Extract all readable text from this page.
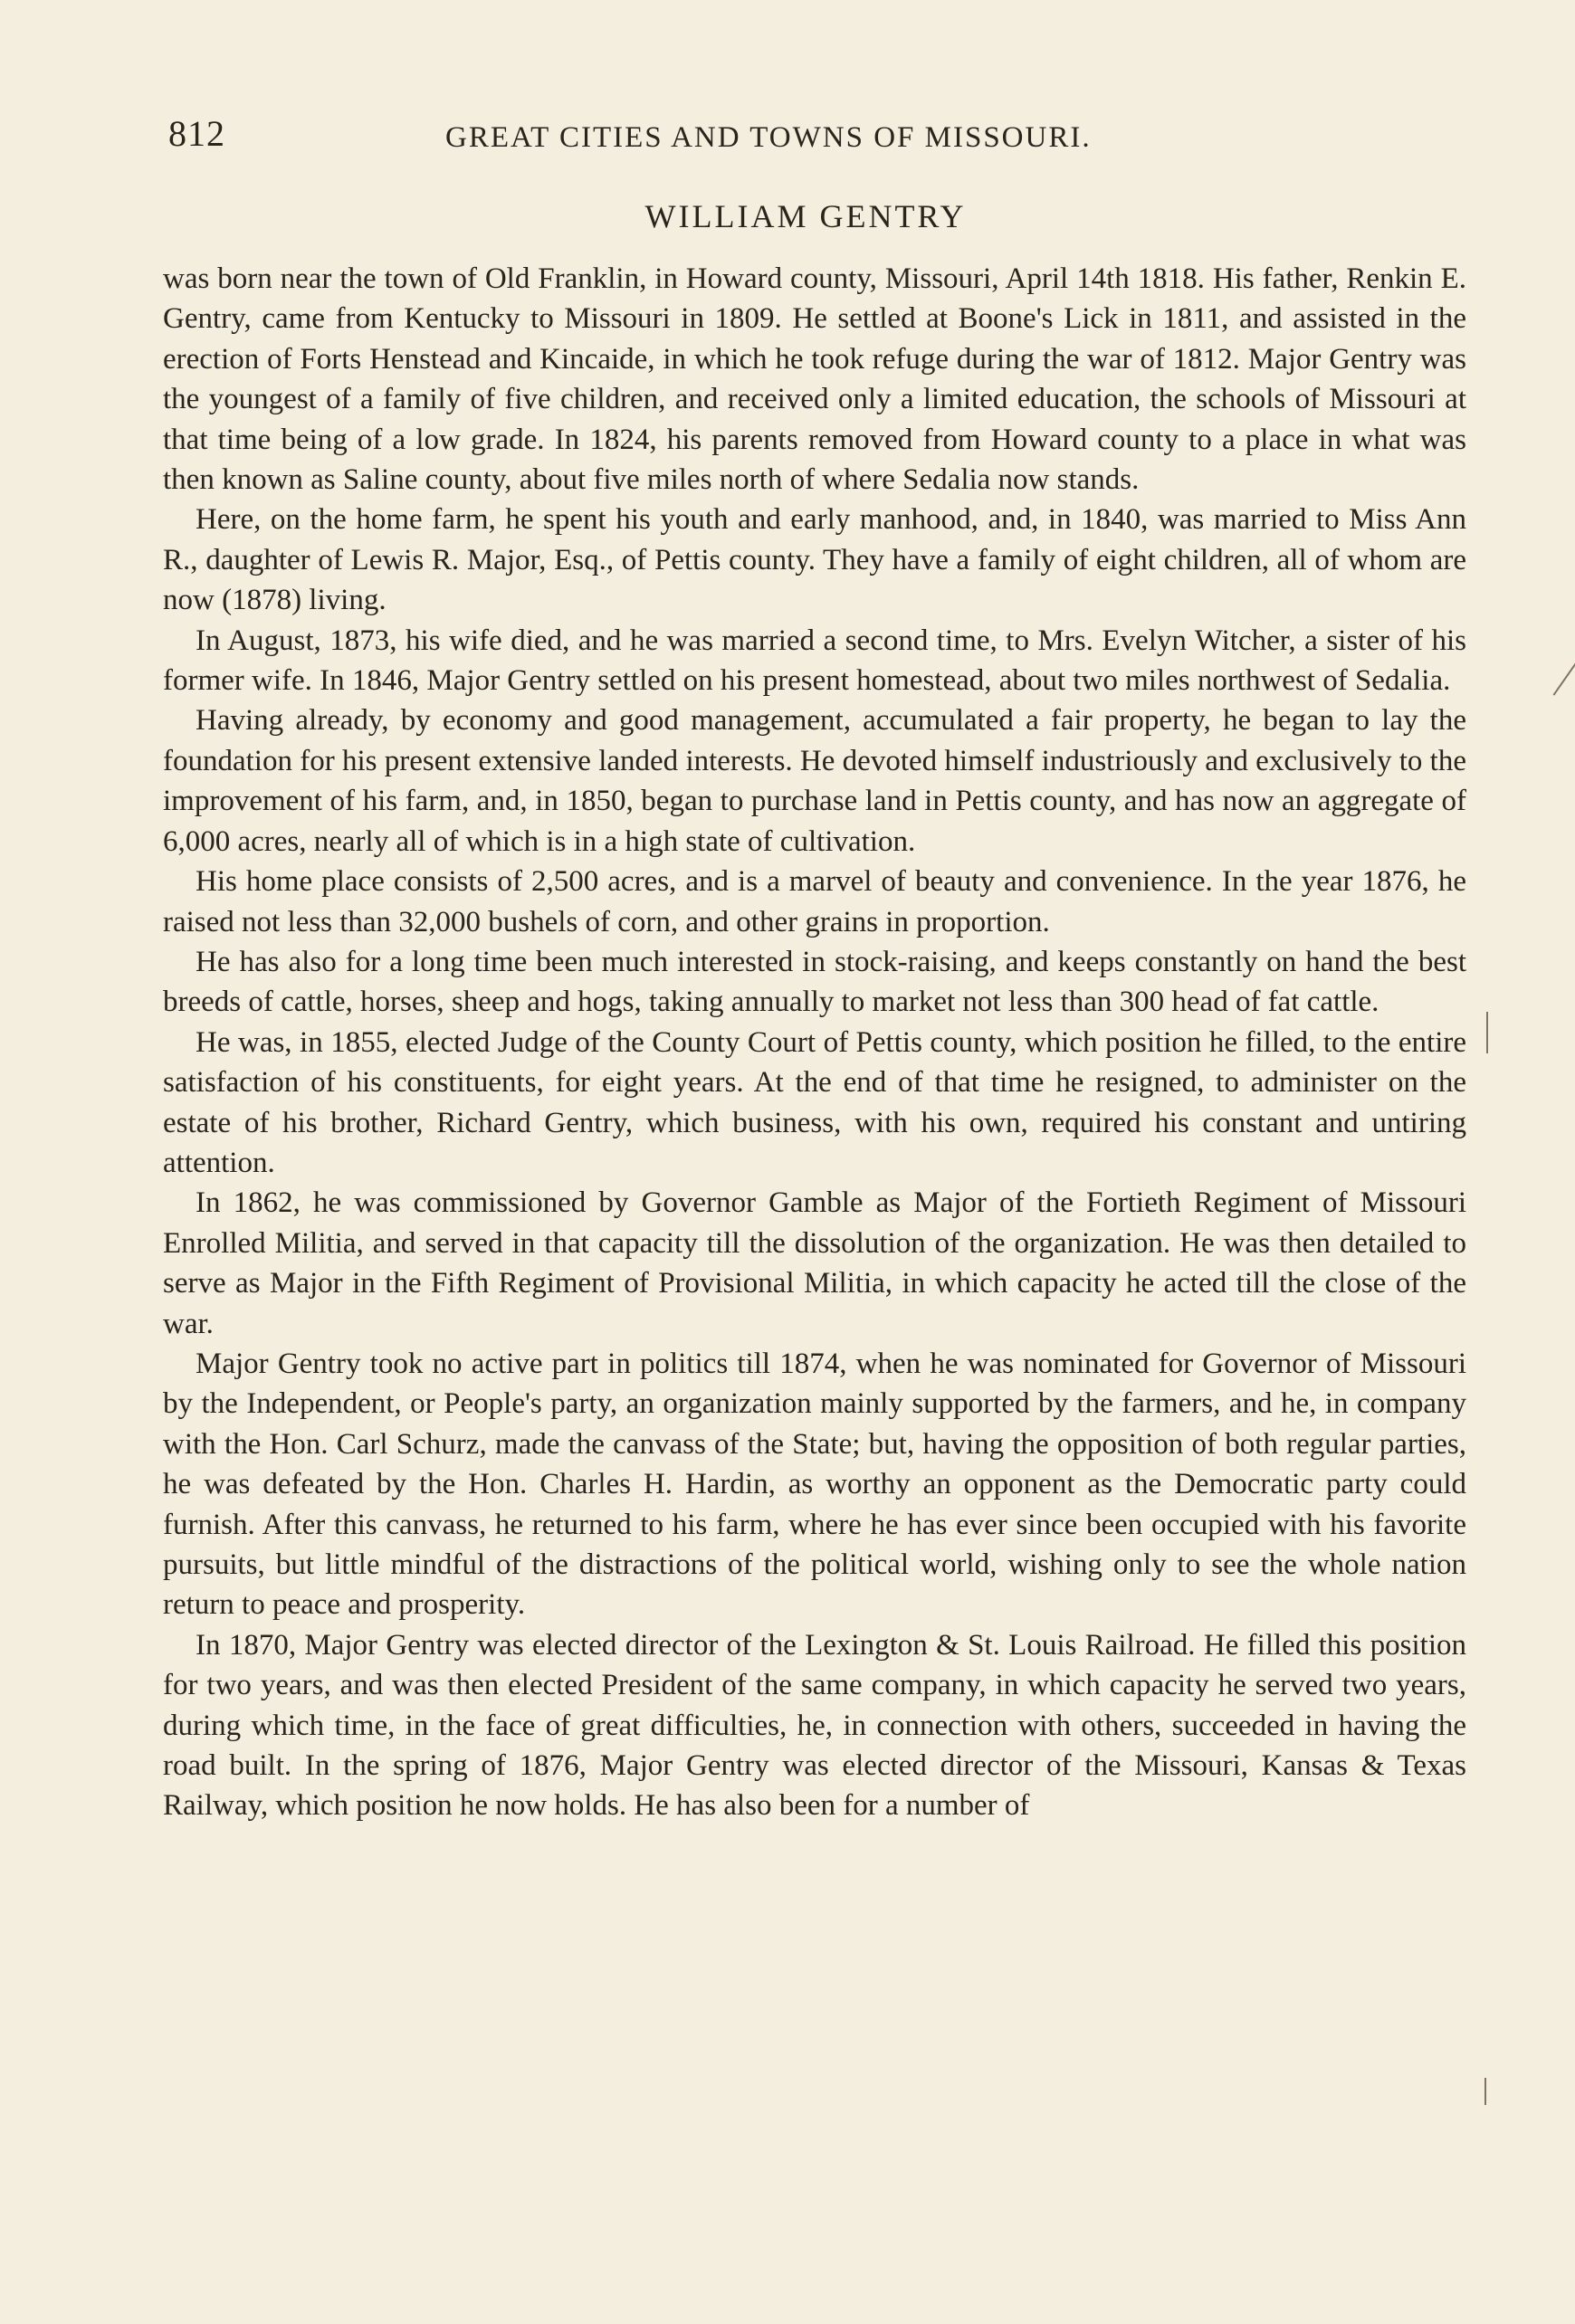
812	GREAT CITIES AND TOWNS OF MISSOURI.
WILLIAM GENTRY

was born near the town of Old Franklin, in Howard county, Missouri, April 14th 1818. His father, Renkin E. Gentry, came from Kentucky to Missouri in 1809. He settled at Boone's Lick in 1811, and assisted in the erection of Forts Henstead and Kincaide, in which he took refuge during the war of 1812. Major Gentry was the youngest of a family of five children, and received only a limited education, the schools of Missouri at that time being of a low grade. In 1824, his parents removed from Howard county to a place in what was then known as Saline county, about five miles north of where Sedalia now stands.

Here, on the home farm, he spent his youth and early manhood, and, in 1840, was married to Miss Ann R., daughter of Lewis R. Major, Esq., of Pettis county. They have a family of eight children, all of whom are now (1878) living.

In August, 1873, his wife died, and he was married a second time, to Mrs. Evelyn Witcher, a sister of his former wife. In 1846, Major Gentry settled on his present homestead, about two miles northwest of Sedalia.

Having already, by economy and good management, accumulated a fair property, he began to lay the foundation for his present extensive landed interests. He devoted himself industriously and exclusively to the improvement of his farm, and, in 1850, began to purchase land in Pettis county, and has now an aggregate of 6,000 acres, nearly all of which is in a high state of cultivation.

His home place consists of 2,500 acres, and is a marvel of beauty and convenience. In the year 1876, he raised not less than 32,000 bushels of corn, and other grains in proportion.

He has also for a long time been much interested in stock-raising, and keeps constantly on hand the best breeds of cattle, horses, sheep and hogs, taking annually to market not less than 300 head of fat cattle.

He was, in 1855, elected Judge of the County Court of Pettis county, which position he filled, to the entire satisfaction of his constituents, for eight years. At the end of that time he resigned, to administer on the estate of his brother, Richard Gentry, which business, with his own, required his constant and untiring attention.

In 1862, he was commissioned by Governor Gamble as Major of the Fortieth Regiment of Missouri Enrolled Militia, and served in that capacity till the dissolution of the organization. He was then detailed to serve as Major in the Fifth Regiment of Provisional Militia, in which capacity he acted till the close of the war.

Major Gentry took no active part in politics till 1874, when he was nominated for Governor of Missouri by the Independent, or People's party, an organization mainly supported by the farmers, and he, in company with the Hon. Carl Schurz, made the canvass of the State; but, having the opposition of both regular parties, he was defeated by the Hon. Charles H. Hardin, as worthy an opponent as the Democratic party could furnish. After this canvass, he returned to his farm, where he has ever since been occupied with his favorite pursuits, but little mindful of the distractions of the political world, wishing only to see the whole nation return to peace and prosperity.

In 1870, Major Gentry was elected director of the Lexington & St. Louis Railroad. He filled this position for two years, and was then elected President of the same company, in which capacity he served two years, during which time, in the face of great difficulties, he, in connection with others, succeeded in having the road built. In the spring of 1876, Major Gentry was elected director of the Missouri, Kansas & Texas Railway, which position he now holds. He has also been for a number of
